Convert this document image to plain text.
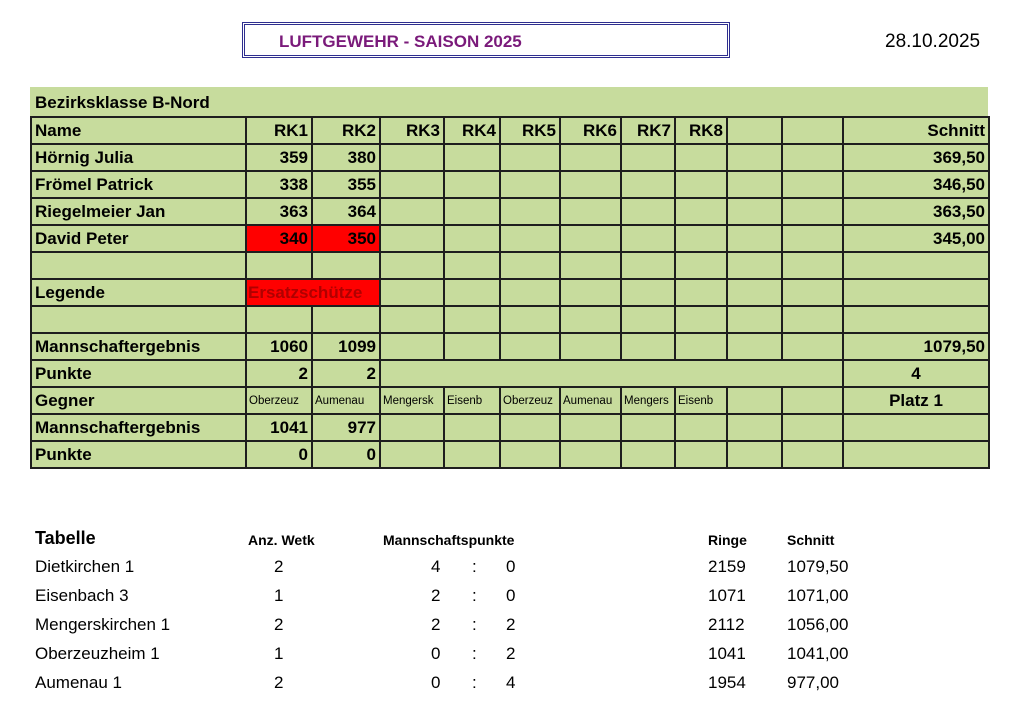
LUFTGEWEHR - SAISON 2025	28.10.2025
Bezirksklasse B-Nord
Name	RK1	RK2	RK3	RK4	RK5	RK6	RK7	RK8			Schnitt
Hörnig Julia	359	380									369,50
Frömel Patrick	338	355									346,50
Riegelmeier Jan	363	364									363,50
David Peter	340	350									345,00

Legende	Ersatzschütze										

Mannschaftergebnis	1060	1099									1079,50
Punkte	2	2									4
Gegner	Oberzeuz	Aumenau	Mengersk	Eisenb	Oberzeuz	Aumenau	Mengers	Eisenb			Platz 1
Mannschaftergebnis	1041	977									
Punkte	0	0									
Tabelle	Anz. Wetk	Mannschaftspunkte	Ringe	Schnitt
Dietkirchen 1	2	4 : 0	2159 1079,50
Eisenbach 3	1	2 : 0	1071 1071,00
Mengerskirchen 1	2	2 : 2	2112 1056,00
Oberzeuzheim 1	1	0 : 2	1041 1041,00
Aumenau 1	2	0 : 4	1954 977,00
